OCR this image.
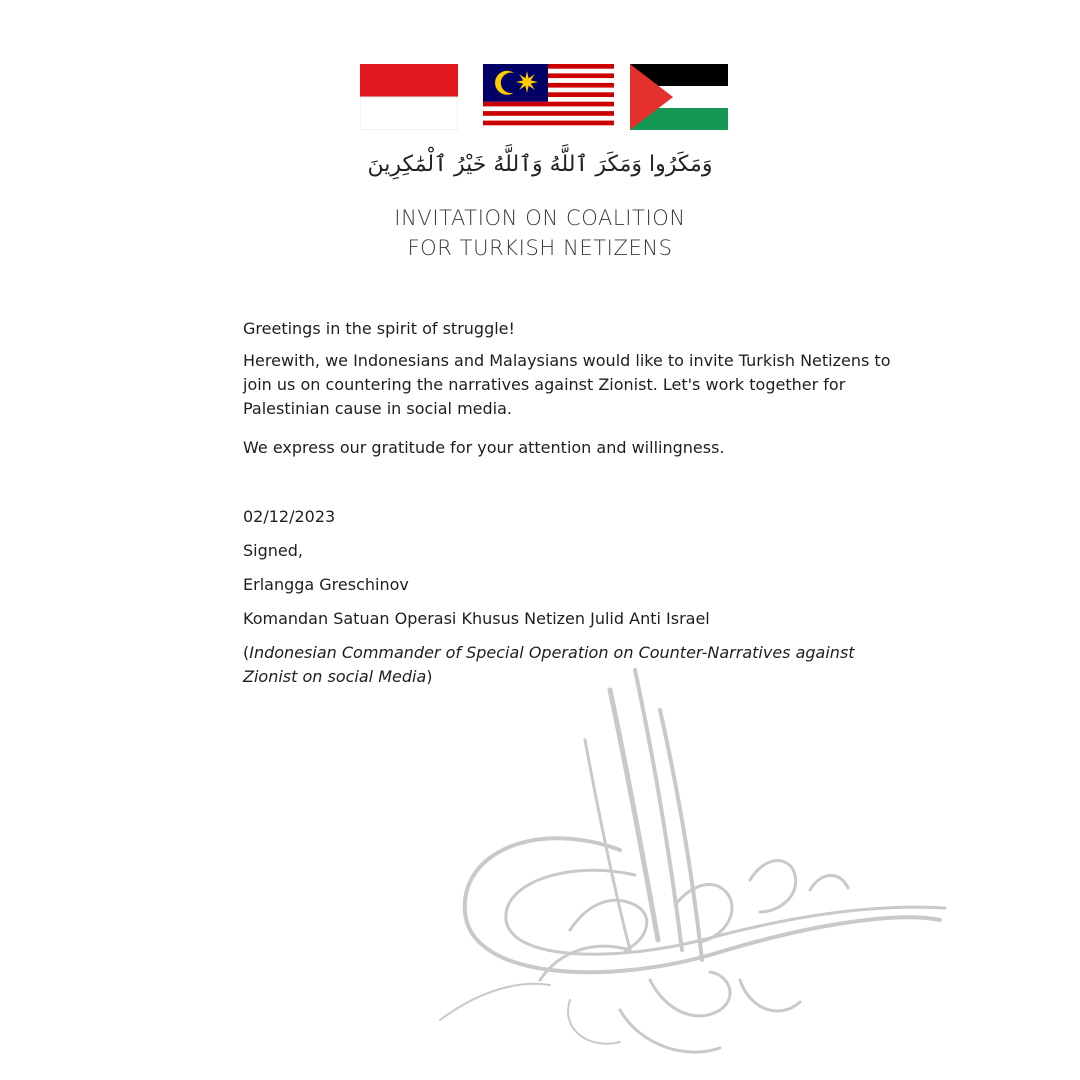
وَمَكَرُوا وَمَكَرَ ٱللَّهُ وَٱللَّهُ خَيْرُ ٱلْمَٰكِرِينَ
INVITATION ON COALITION
FOR TURKISH NETIZENS
Greetings in the spirit of struggle!
Herewith, we Indonesians and Malaysians would like to invite Turkish Netizens to join us on countering the narratives against Zionist. Let's work together for Palestinian cause in social media.
We express our gratitude for your attention and willingness.
02/12/2023
Signed,
Erlangga Greschinov
Komandan Satuan Operasi Khusus Netizen Julid Anti Israel
(Indonesian Commander of Special Operation on Counter-Narratives against Zionist on social Media)
